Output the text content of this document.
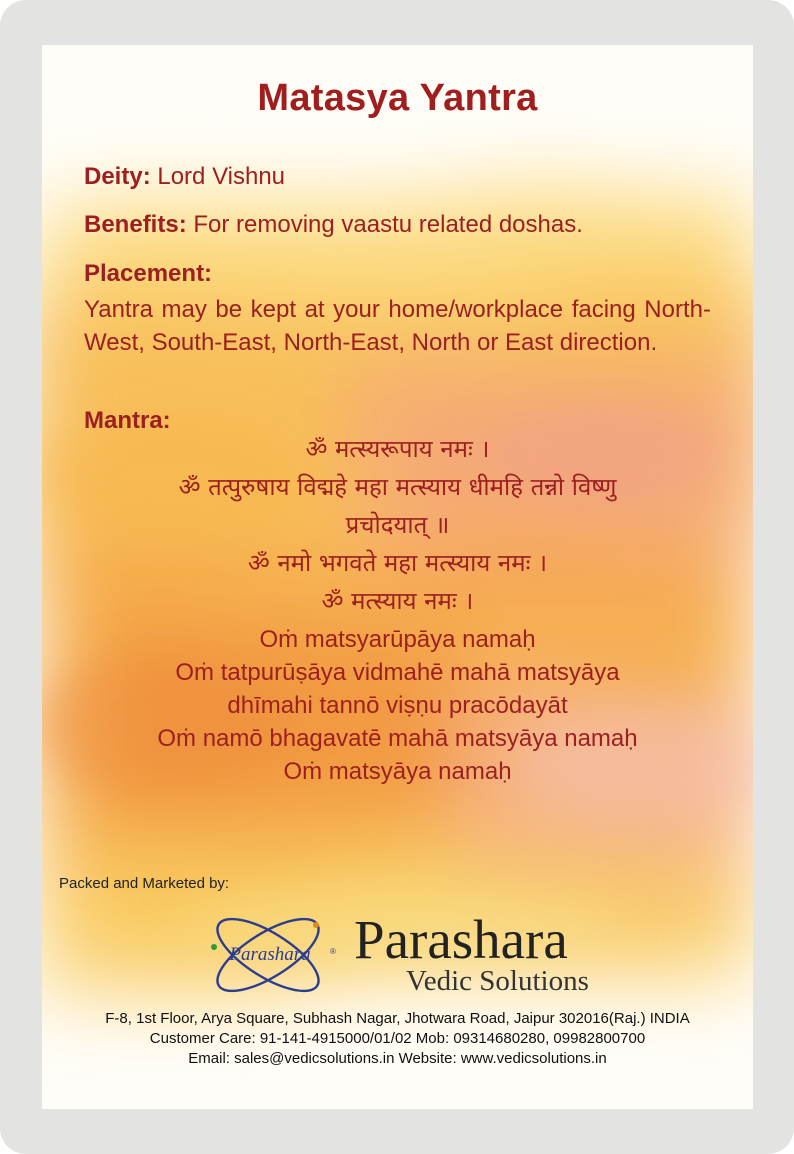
Matasya Yantra
Deity: Lord Vishnu
Benefits: For removing vaastu related doshas.
Placement:
Yantra may be kept at your home/workplace facing North-West, South-East, North-East, North or East direction.
Mantra:
ॐ मत्स्यरूपाय नमः ।
ॐ तत्पुरुषाय विद्महे महा मत्स्याय धीमहि तन्नो विष्णु
प्रचोदयात् ॥
ॐ नमो भगवते महा मत्स्याय नमः ।
ॐ मत्स्याय नमः ।
Oṁ matsyarūpāya namaḥ
Oṁ tatpurūṣāya vidmahē mahā matsyāya
dhīmahi tannō viṣṇu pracōdayāt
Oṁ namō bhagavatē mahā matsyāya namaḥ
Oṁ matsyāya namaḥ
Packed and Marketed by:
Parashara ® Parashara
Vedic Solutions
F-8, 1st Floor, Arya Square, Subhash Nagar, Jhotwara Road, Jaipur 302016(Raj.) INDIA
Customer Care: 91-141-4915000/01/02 Mob: 09314680280, 09982800700
Email: sales@vedicsolutions.in Website: www.vedicsolutions.in
